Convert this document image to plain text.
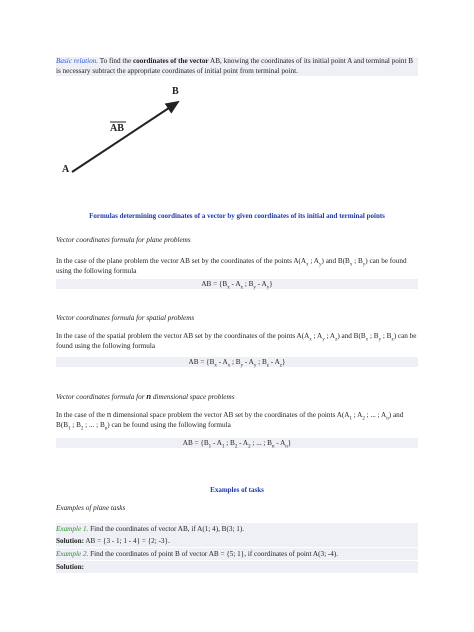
Basic relation. To find the coordinates of the vector AB, knowing the coordinates of its initial point A and terminal point B is necessary subtract the appropriate coordinates of initial point from terminal point.
A
B
AB
Formulas determining coordinates of a vector by given coordinates of its initial and terminal points
Vector coordinates formula for plane problems
In the case of the plane problem the vector AB set by the coordinates of the points $A(A_x$ ; $A_y$) and $B(B_x$ ; $B_y$) can be found using the following formula
AB = {$B_x - A_x$ ; $B_y - A_y$}
Vector coordinates formula for spatial problems
In the case of the spatial problem the vector AB set by the coordinates of the points $A(A_x$ ; $A_y$ ; $A_z$) and $B(B_x$ ; $B_y$ ; $B_z$) can be found using the following formula
AB = {$B_x - A_x$ ; $B_y - A_y$ ; $B_z - A_z$}
Vector coordinates formula for n dimensional space problems
In the case of the n dimensional space problem the vector AB set by the coordinates of the points $A(A_1$ ; $A_2$ ; ... ; $A_n$) and $B(B_1$ ; $B_2$ ; ... ; $B_n$) can be found using the following formula
AB = {$B_1 - A_1$ ; $B_2 - A_2$ ; ... ; $B_n - A_n$}
Examples of tasks
Examples of plane tasks
Example 1. Find the coordinates of vector AB, if A(1; 4), B(3; 1).
Solution: AB = {3 - 1; 1 - 4} = {2; -3}.
Example 2. Find the coordinates of point B of vector AB = {5; 1}, if coordinates of point A(3; -4).
Solution:
